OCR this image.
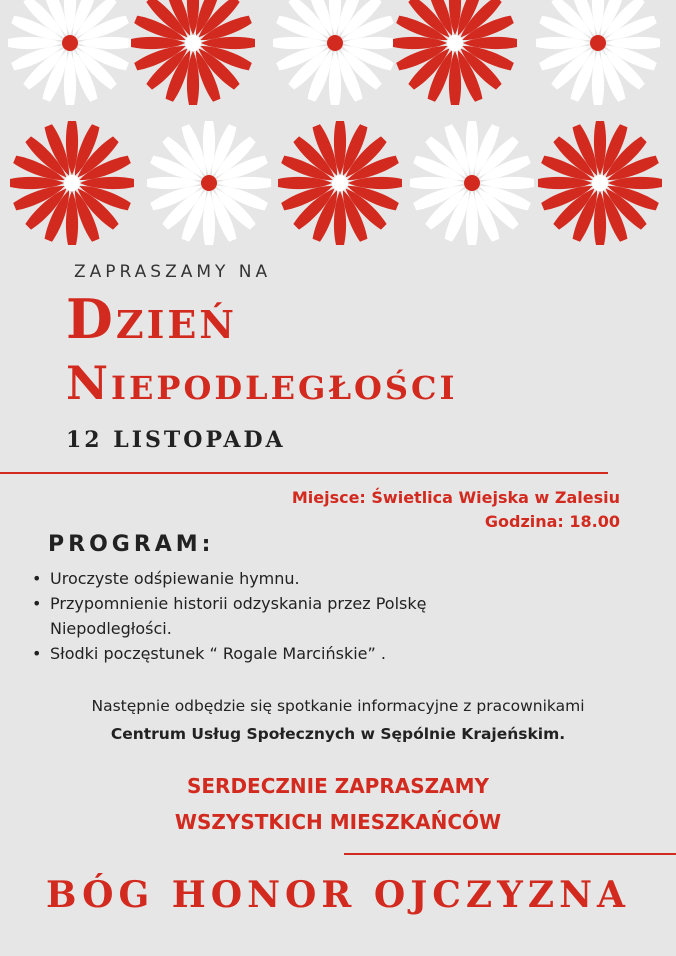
ZAPRASZAMY NA
Dzień
Niepodległości
12 LISTOPADA
Miejsce: Świetlica Wiejska w Zalesiu
Godzina: 18.00
PROGRAM:
• Uroczyste odśpiewanie hymnu.
• Przypomnienie historii odzyskania przez Polskę Niepodległości.
• Słodki poczęstunek “ Rogale Marcińskie” .
Następnie odbędzie się spotkanie informacyjne z pracownikami
Centrum Usług Społecznych w Sępólnie Krajeńskim.
SERDECZNIE ZAPRASZAMY
WSZYSTKICH MIESZKAŃCÓW
BÓG HONOR OJCZYZNA
